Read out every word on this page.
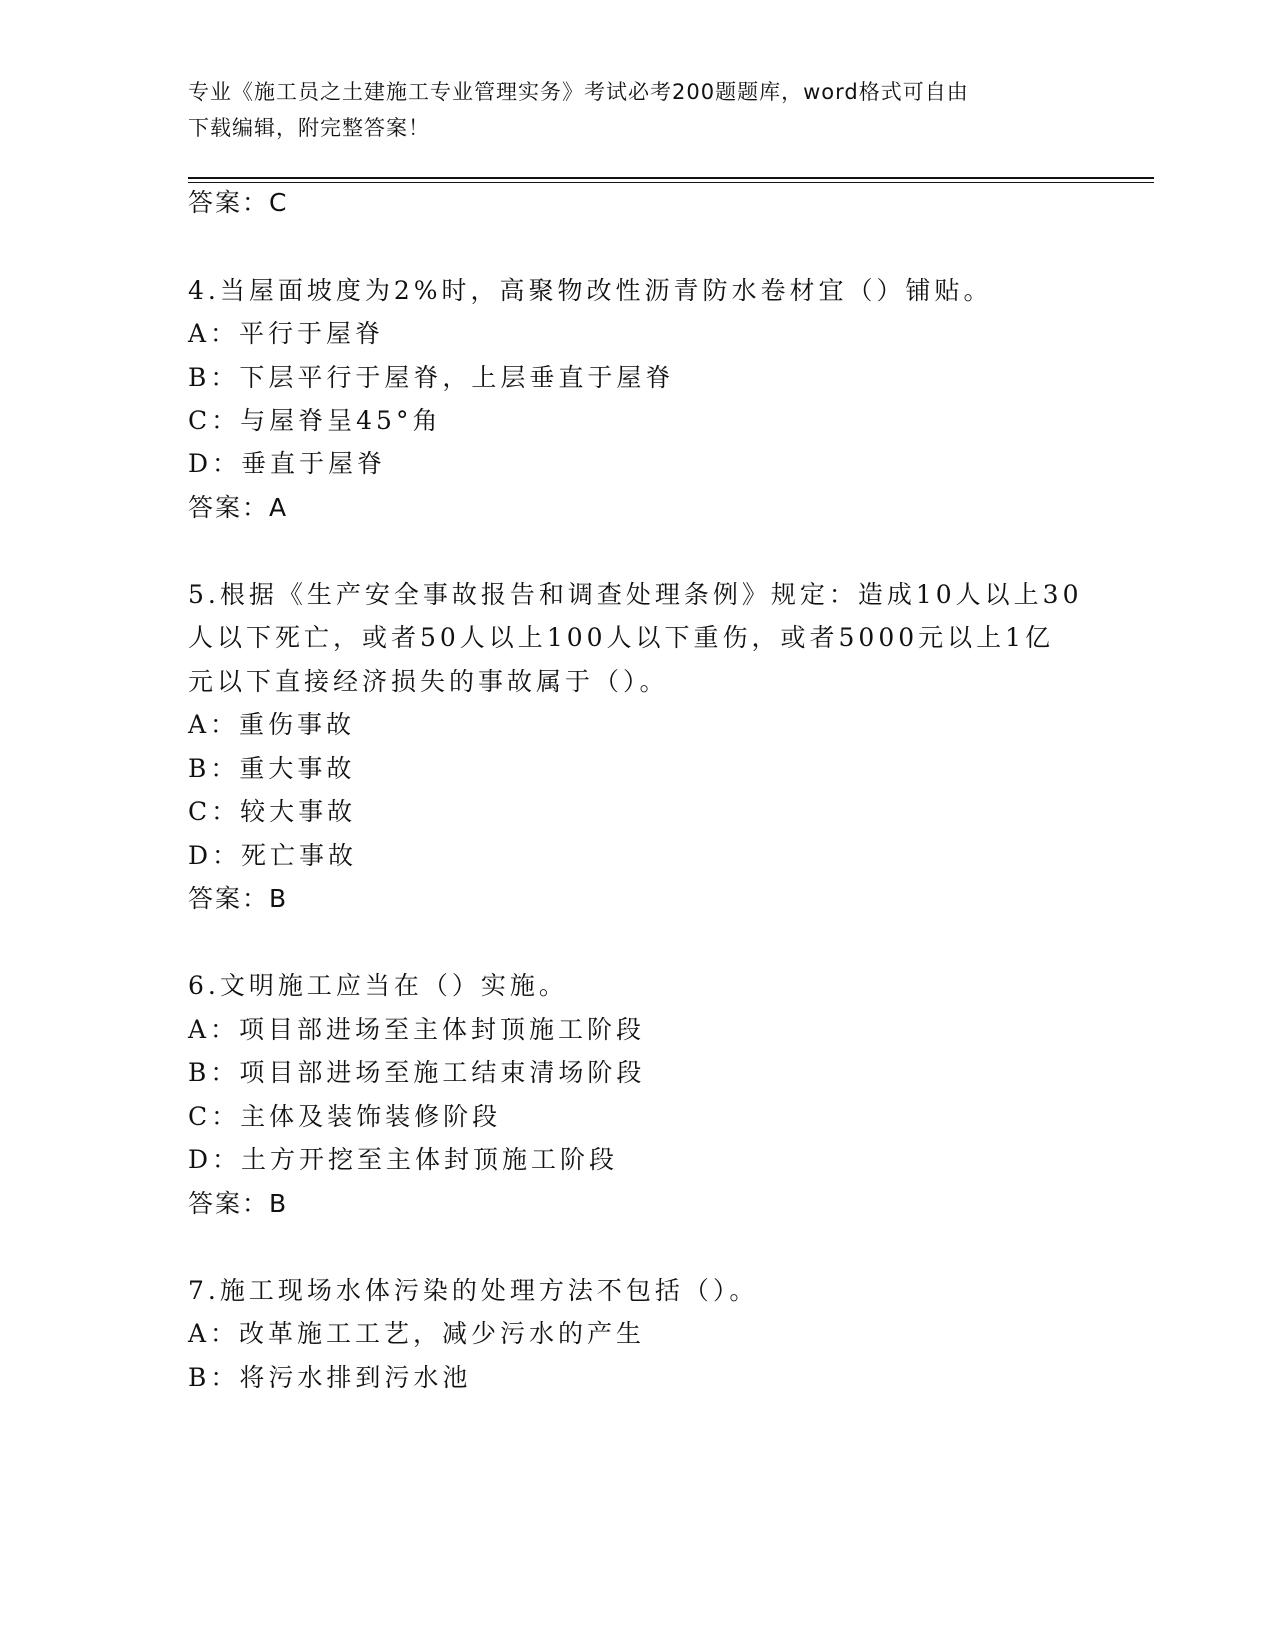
专业《施工员之土建施工专业管理实务》考试必考200题题库，word格式可自由
下载编辑，附完整答案！
答案：C
4.当屋面坡度为2%时，高聚物改性沥青防水卷材宜（）铺贴。
A：平行于屋脊
B：下层平行于屋脊，上层垂直于屋脊
C：与屋脊呈45°角
D：垂直于屋脊
答案：A
5.根据《生产安全事故报告和调查处理条例》规定：造成10人以上30
人以下死亡，或者50人以上100人以下重伤，或者5000元以上1亿
元以下直接经济损失的事故属于（）。
A：重伤事故
B：重大事故
C：较大事故
D：死亡事故
答案：B
6.文明施工应当在（）实施。
A：项目部进场至主体封顶施工阶段
B：项目部进场至施工结束清场阶段
C：主体及装饰装修阶段
D：土方开挖至主体封顶施工阶段
答案：B
7.施工现场水体污染的处理方法不包括（）。
A：改革施工工艺，减少污水的产生
B：将污水排到污水池
